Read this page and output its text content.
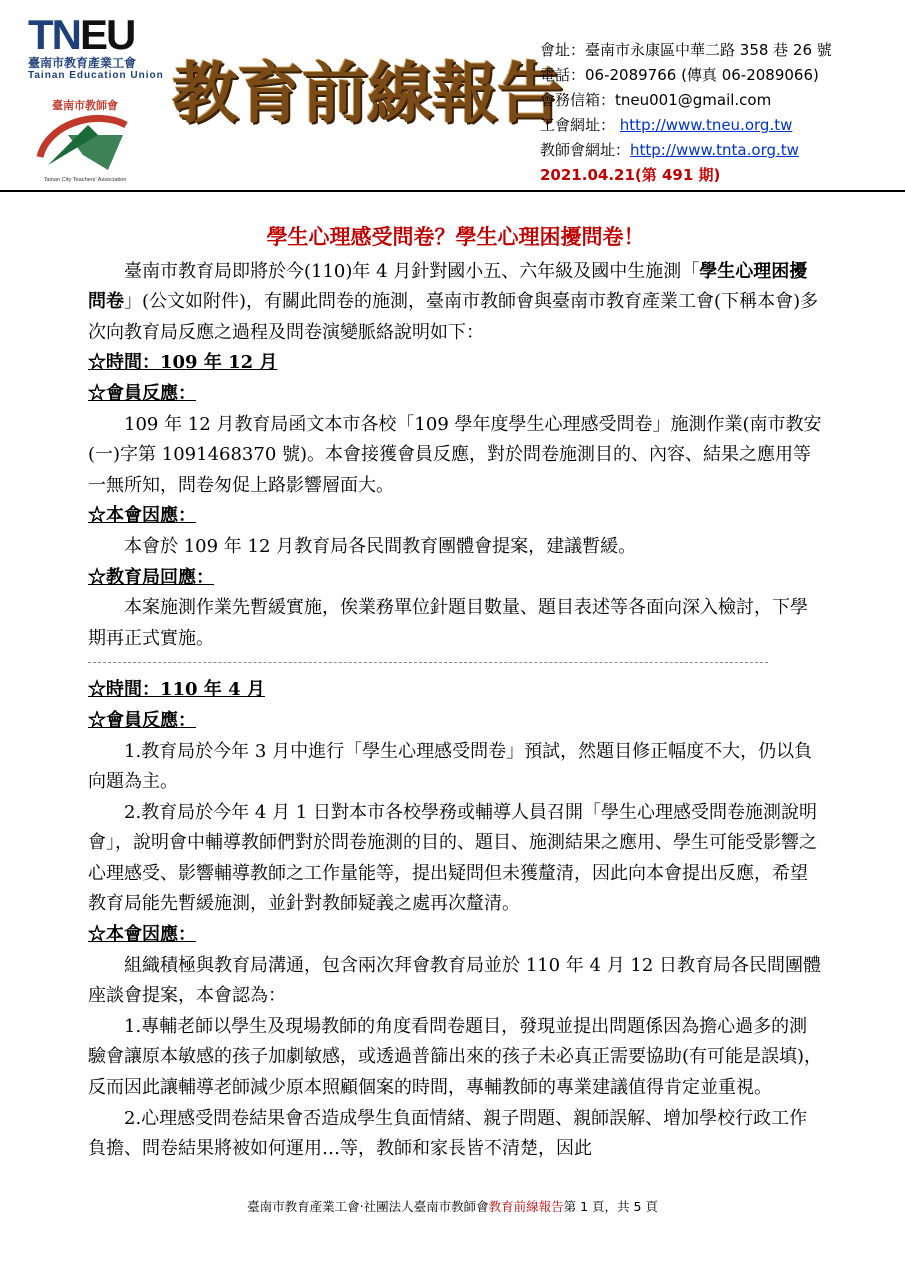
TNEU
臺南市教育產業工會
Tainan Education Union
臺南市教師會
Tainan City Teachers' Association
教育前線報告
會址：臺南市永康區中華二路 358 巷 26 號
電話：06-2089766 (傳真 06-2089066)
會務信箱：tneu001@gmail.com
工會網址： http://www.tneu.org.tw
教師會網址：http://www.tnta.org.tw
2021.04.21(第 491 期)
學生心理感受問卷？學生心理困擾問卷！

臺南市教育局即將於今(110)年 4 月針對國小五、六年級及國中生施測「學生心理困擾問卷」(公文如附件)，有關此問卷的施測，臺南市教師會與臺南市教育產業工會(下稱本會)多次向教育局反應之過程及問卷演變脈絡說明如下：

☆時間：109 年 12 月

☆會員反應：

109 年 12 月教育局函文本市各校「109 學年度學生心理感受問卷」施測作業(南市教安(一)字第 1091468370 號)。本會接獲會員反應，對於問卷施測目的、內容、結果之應用等一無所知，問卷匆促上路影響層面大。

☆本會因應：

本會於 109 年 12 月教育局各民間教育團體會提案，建議暫緩。

☆教育局回應：

本案施測作業先暫緩實施，俟業務單位針題目數量、題目表述等各面向深入檢討，下學期再正式實施。

☆時間：110 年 4 月

☆會員反應：

1.教育局於今年 3 月中進行「學生心理感受問卷」預試，然題目修正幅度不大，仍以負向題為主。

2.教育局於今年 4 月 1 日對本市各校學務或輔導人員召開「學生心理感受問卷施測說明會」，說明會中輔導教師們對於問卷施測的目的、題目、施測結果之應用、學生可能受影響之心理感受、影響輔導教師之工作量能等，提出疑問但未獲釐清，因此向本會提出反應，希望教育局能先暫緩施測，並針對教師疑義之處再次釐清。

☆本會因應：

組織積極與教育局溝通，包含兩次拜會教育局並於 110 年 4 月 12 日教育局各民間團體座談會提案，本會認為：

1.專輔老師以學生及現場教師的角度看問卷題目，發現並提出問題係因為擔心過多的測驗會讓原本敏感的孩子加劇敏感，或透過普篩出來的孩子未必真正需要協助(有可能是誤填)，反而因此讓輔導老師減少原本照顧個案的時間，專輔教師的專業建議值得肯定並重視。

2.心理感受問卷結果會否造成學生負面情緒、親子問題、親師誤解、增加學校行政工作負擔、問卷結果將被如何運用…等，教師和家長皆不清楚，因此

臺南市教育產業工會‧社團法人臺南市教師會教育前線報告第 1 頁，共 5 頁
